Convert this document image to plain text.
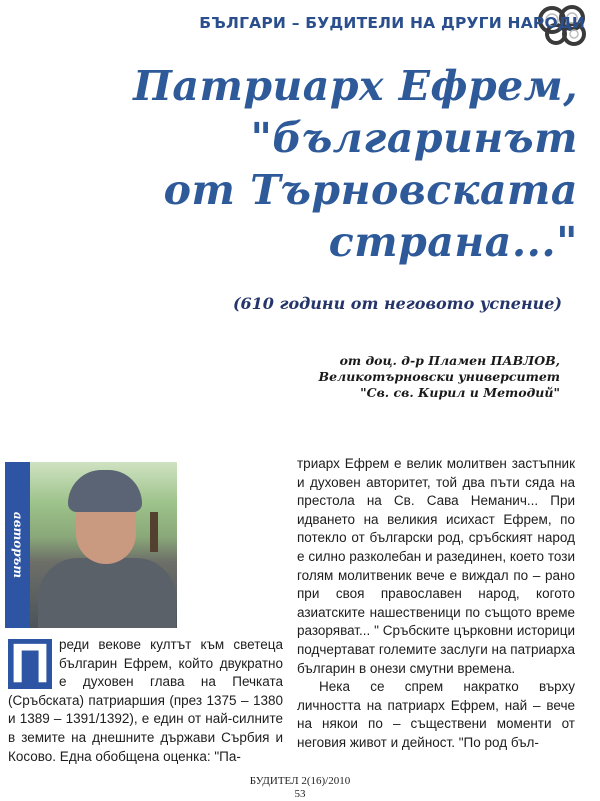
БЪЛГАРИ – БУДИТЕЛИ НА ДРУГИ НАРОДИ
Патриарх Ефрем,
"българинът
от Търновската
страна..."
(610 години от неговото успение)
от доц. д-р Пламен ПАВЛОВ,
Великотърновски университет
"Св. св. Кирил и Методий"
авторът
П реди векове култът към светеца българин Ефрем, който двукратно е духовен глава на Печката (Сръбската) патриаршия (през 1375 – 1380 и 1389 – 1391/1392), е един от най-силните в земите на днешните държави Сърбия и Косово. Една обобщена оценка: "Па-

триарх Ефрем е велик молитвен застъпник и духовен авторитет, той два пъти сяда на престола на Св. Сава Неманич... При идването на великия исихаст Ефрем, по потекло от български род, сръбският народ е силно разколебан и разединен, което този голям молитвеник вече е виждал по – рано при своя православен народ, когото азиатските нашественици по същото време разоряват... " Сръбските църковни историци подчертават големите заслуги на патриарха българин в онези смутни времена.

Нека се спрем накратко върху личността на патриарх Ефрем, най – вече на някои по – съществени моменти от неговия живот и дейност. "По род бъл-

БУДИТЕЛ 2(16)/2010
53
